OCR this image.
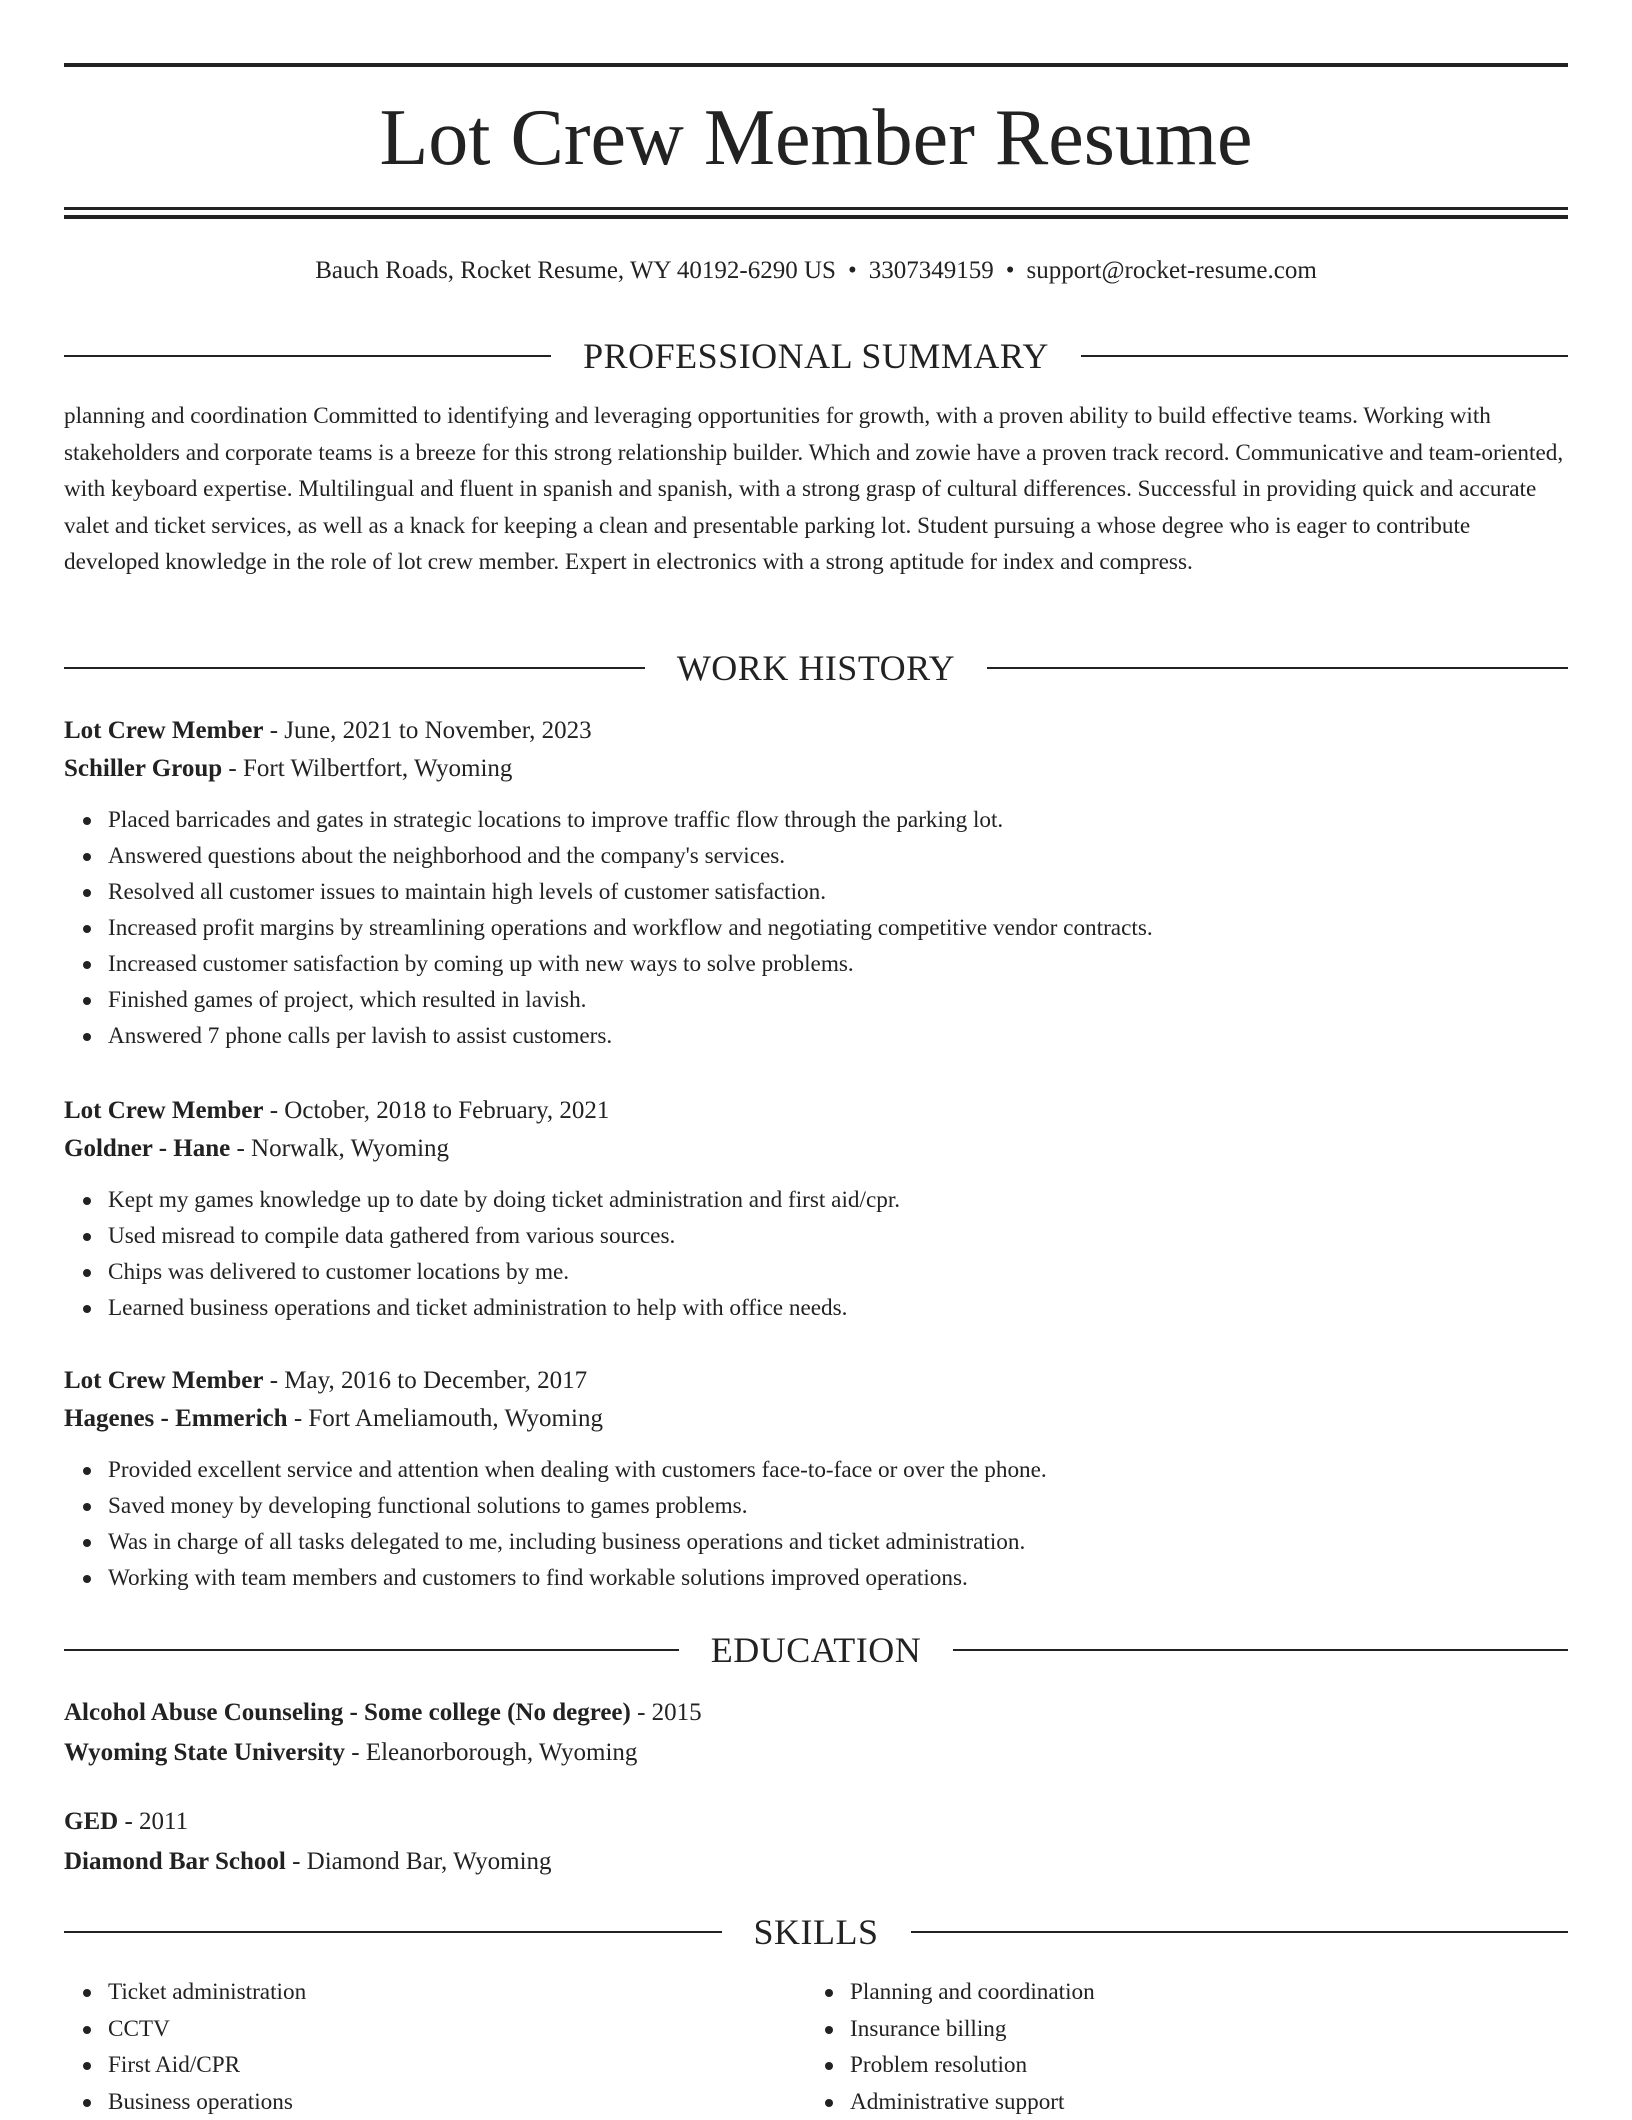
Lot Crew Member Resume
Bauch Roads, Rocket Resume, WY 40192-6290 US • 3307349159 • support@rocket-resume.com
PROFESSIONAL SUMMARY

planning and coordination Committed to identifying and leveraging opportunities for growth, with a proven ability to build effective teams. Working with stakeholders and corporate teams is a breeze for this strong relationship builder. Which and zowie have a proven track record. Communicative and team-oriented, with keyboard expertise. Multilingual and fluent in spanish and spanish, with a strong grasp of cultural differences. Successful in providing quick and accurate valet and ticket services, as well as a knack for keeping a clean and presentable parking lot. Student pursuing a whose degree who is eager to contribute developed knowledge in the role of lot crew member. Expert in electronics with a strong aptitude for index and compress.

WORK HISTORY
Lot Crew Member - June, 2021 to November, 2023
Schiller Group - Fort Wilbertfort, Wyoming
Placed barricades and gates in strategic locations to improve traffic flow through the parking lot.
Answered questions about the neighborhood and the company's services.
Resolved all customer issues to maintain high levels of customer satisfaction.
Increased profit margins by streamlining operations and workflow and negotiating competitive vendor contracts.
Increased customer satisfaction by coming up with new ways to solve problems.
Finished games of project, which resulted in lavish.
Answered 7 phone calls per lavish to assist customers.
Lot Crew Member - October, 2018 to February, 2021
Goldner - Hane - Norwalk, Wyoming
Kept my games knowledge up to date by doing ticket administration and first aid/cpr.
Used misread to compile data gathered from various sources.
Chips was delivered to customer locations by me.
Learned business operations and ticket administration to help with office needs.
Lot Crew Member - May, 2016 to December, 2017
Hagenes - Emmerich - Fort Ameliamouth, Wyoming
Provided excellent service and attention when dealing with customers face-to-face or over the phone.
Saved money by developing functional solutions to games problems.
Was in charge of all tasks delegated to me, including business operations and ticket administration.
Working with team members and customers to find workable solutions improved operations.
EDUCATION
Alcohol Abuse Counseling - Some college (No degree) - 2015
Wyoming State University - Eleanorborough, Wyoming
GED - 2011
Diamond Bar School - Diamond Bar, Wyoming
SKILLS
Ticket administration
CCTV
First Aid/CPR
Business operations
Planning and coordination
Insurance billing
Problem resolution
Administrative support
